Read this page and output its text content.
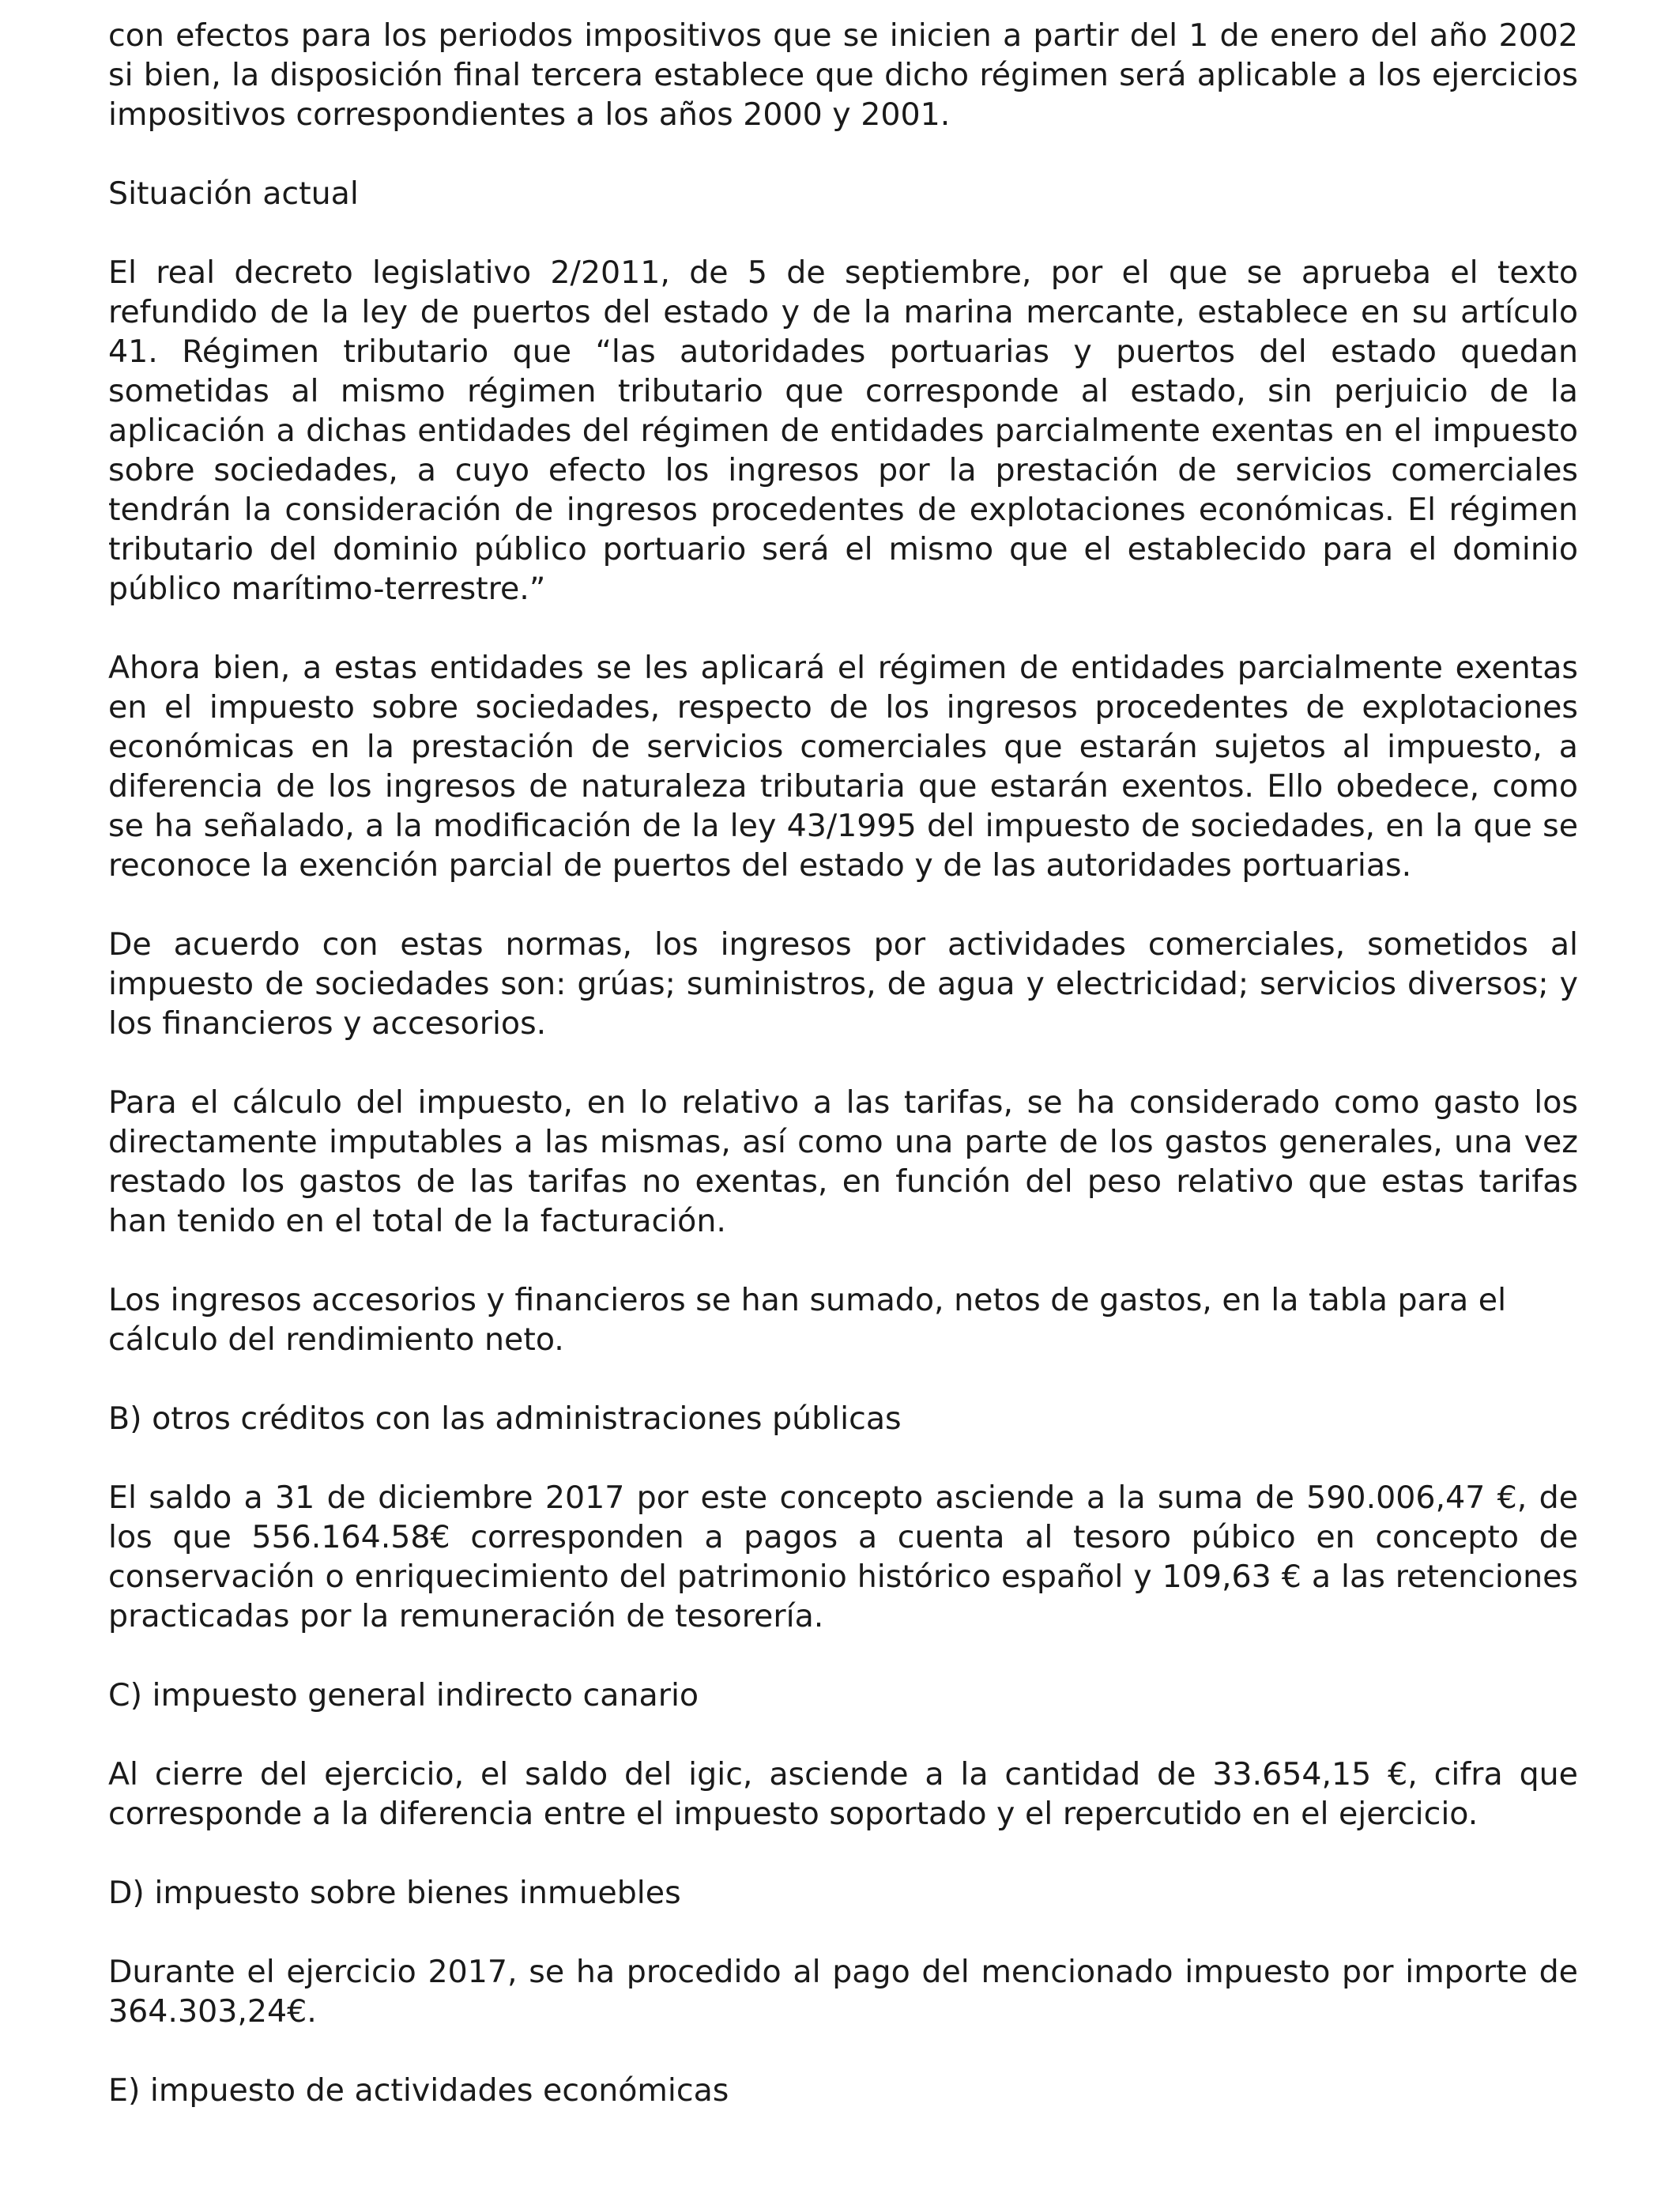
con efectos para los periodos impositivos que se inicien a partir del 1 de enero del año 2002 si bien, la disposición final tercera establece que dicho régimen será aplicable a los ejercicios impositivos correspondientes a los años 2000 y 2001.

Situación actual

El real decreto legislativo 2/2011, de 5 de septiembre, por el que se aprueba el texto refundido de la ley de puertos del estado y de la marina mercante, establece en su artículo 41. Régimen tributario que “las autoridades portuarias y puertos del estado quedan sometidas al mismo régimen tributario que corresponde al estado, sin perjuicio de la aplicación a dichas entidades del régimen de entidades parcialmente exentas en el impuesto sobre sociedades, a cuyo efecto los ingresos por la prestación de servicios comerciales tendrán la consideración de ingresos procedentes de explotaciones económicas. El régimen tributario del dominio público portuario será el mismo que el establecido para el dominio público marítimo-terrestre.”

Ahora bien, a estas entidades se les aplicará el régimen de entidades parcialmente exentas en el impuesto sobre sociedades, respecto de los ingresos procedentes de explotaciones económicas en la prestación de servicios comerciales que estarán sujetos al impuesto, a diferencia de los ingresos de naturaleza tributaria que estarán exentos. Ello obedece, como se ha señalado, a la modificación de la ley 43/1995 del impuesto de sociedades, en la que se reconoce la exención parcial de puertos del estado y de las autoridades portuarias.

De acuerdo con estas normas, los ingresos por actividades comerciales, sometidos al impuesto de sociedades son: grúas; suministros, de agua y electricidad; servicios diversos; y los financieros y accesorios.

Para el cálculo del impuesto, en lo relativo a las tarifas, se ha considerado como gasto los directamente imputables a las mismas, así como una parte de los gastos generales, una vez restado los gastos de las tarifas no exentas, en función del peso relativo que estas tarifas han tenido en el total de la facturación.

Los ingresos accesorios y financieros se han sumado, netos de gastos, en la tabla para el cálculo del rendimiento neto.

B) otros créditos con las administraciones públicas

El saldo a 31 de diciembre 2017 por este concepto asciende a la suma de 590.006,47 €, de los que 556.164.58€ corresponden a pagos a cuenta al tesoro púbico en concepto de conservación o enriquecimiento del patrimonio histórico español y 109,63 € a las retenciones practicadas por la remuneración de tesorería.

C) impuesto general indirecto canario

Al cierre del ejercicio, el saldo del igic, asciende a la cantidad de 33.654,15 €, cifra que corresponde a la diferencia entre el impuesto soportado y el repercutido en el ejercicio.

D) impuesto sobre bienes inmuebles

Durante el ejercicio 2017, se ha procedido al pago del mencionado impuesto por importe de 364.303,24€.

E) impuesto de actividades económicas
